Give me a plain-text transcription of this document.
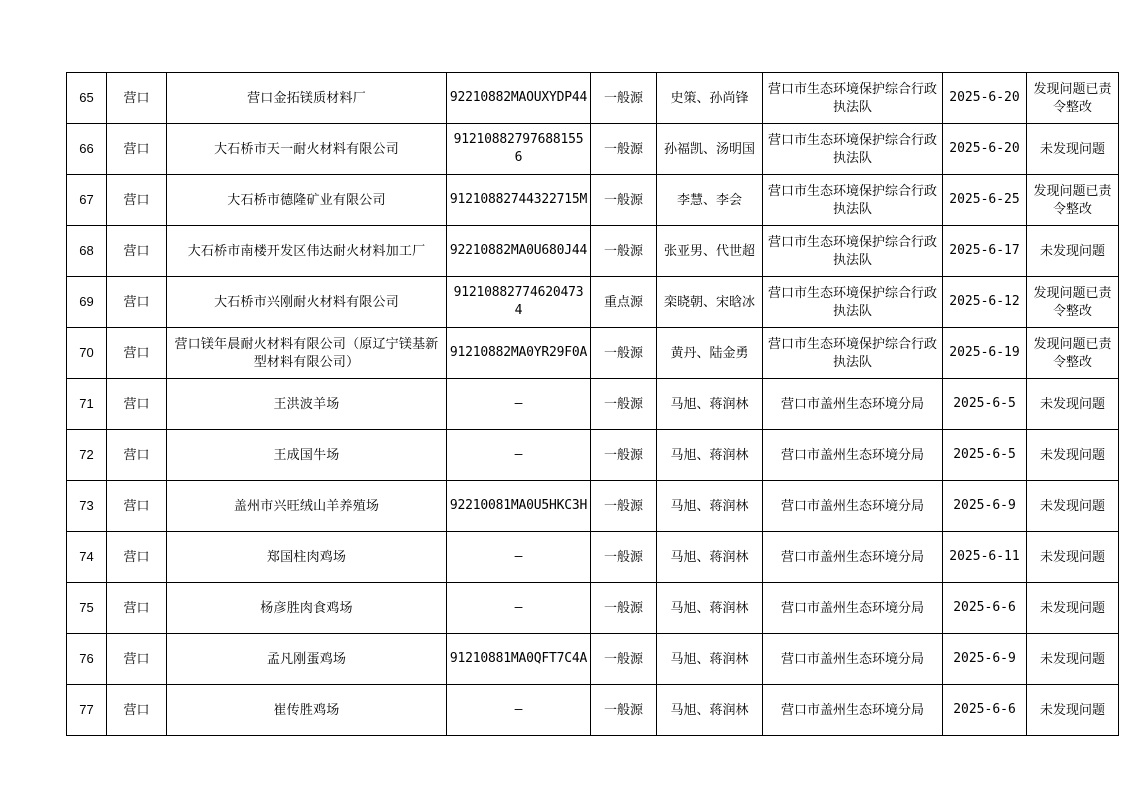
65	营口	营口金拓镁质材料厂	92210882MAOUXYDP44	一般源	史策、孙尚锋	营口市生态环境保护综合行政执法队	2025-6-20	发现问题已责令整改
66	营口	大石桥市天一耐火材料有限公司	91210882797688155 6	一般源	孙福凯、汤明国	营口市生态环境保护综合行政执法队	2025-6-20	未发现问题
67	营口	大石桥市德隆矿业有限公司	91210882744322715M	一般源	李慧、李会	营口市生态环境保护综合行政执法队	2025-6-25	发现问题已责令整改
68	营口	大石桥市南楼开发区伟达耐火材料加工厂	92210882MA0U680J44	一般源	张亚男、代世超	营口市生态环境保护综合行政执法队	2025-6-17	未发现问题
69	营口	大石桥市兴刚耐火材料有限公司	91210882774620473 4	重点源	栾晓朝、宋晗冰	营口市生态环境保护综合行政执法队	2025-6-12	发现问题已责令整改
70	营口	营口镁年晨耐火材料有限公司（原辽宁镁基新型材料有限公司）	91210882MA0YR29F0A	一般源	黄丹、陆金勇	营口市生态环境保护综合行政执法队	2025-6-19	发现问题已责令整改
71	营口	王洪波羊场	—	一般源	马旭、蒋润林	营口市盖州生态环境分局	2025-6-5	未发现问题
72	营口	王成国牛场	—	一般源	马旭、蒋润林	营口市盖州生态环境分局	2025-6-5	未发现问题
73	营口	盖州市兴旺绒山羊养殖场	92210081MA0U5HKC3H	一般源	马旭、蒋润林	营口市盖州生态环境分局	2025-6-9	未发现问题
74	营口	郑国柱肉鸡场	—	一般源	马旭、蒋润林	营口市盖州生态环境分局	2025-6-11	未发现问题
75	营口	杨彦胜肉食鸡场	—	一般源	马旭、蒋润林	营口市盖州生态环境分局	2025-6-6	未发现问题
76	营口	孟凡刚蛋鸡场	91210881MA0QFT7C4A	一般源	马旭、蒋润林	营口市盖州生态环境分局	2025-6-9	未发现问题
77	营口	崔传胜鸡场	—	一般源	马旭、蒋润林	营口市盖州生态环境分局	2025-6-6	未发现问题
